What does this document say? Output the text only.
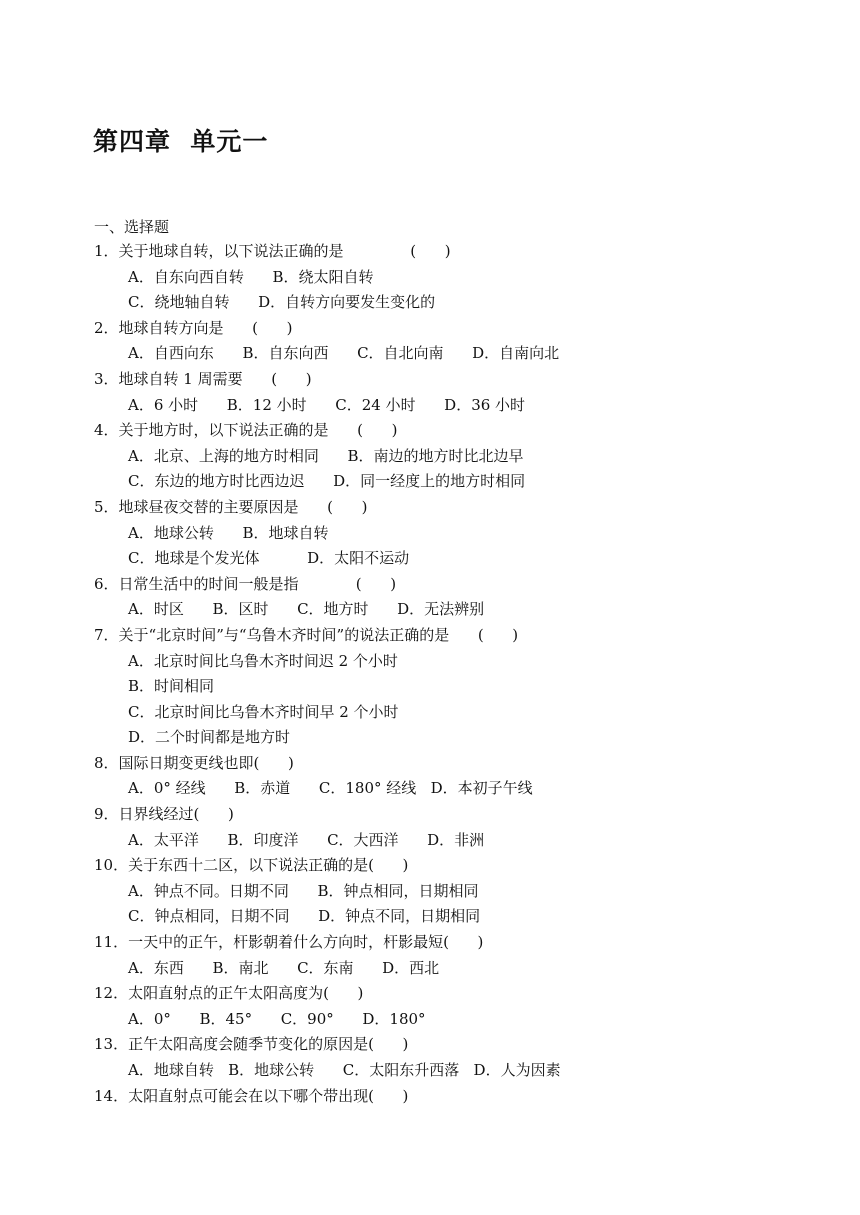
第四章  单元一
一、选择题
1．关于地球自转，以下说法正确的是              (      )
A．自东向西自转      B．绕太阳自转
C．绕地轴自转      D．自转方向要发生变化的
2．地球自转方向是      (      )
A．自西向东      B．自东向西      C．自北向南      D．自南向北
3．地球自转 1 周需要      (      )
A．6 小时      B．12 小时      C．24 小时      D．36 小时
4．关于地方时，以下说法正确的是      (      )
A．北京、上海的地方时相同      B．南边的地方时比北边早
C．东边的地方时比西边迟      D．同一经度上的地方时相同
5．地球昼夜交替的主要原因是      (      )
A．地球公转      B．地球自转
C．地球是个发光体          D．太阳不运动
6．日常生活中的时间一般是指            (      )
A．时区      B．区时      C．地方时      D．无法辨别
7．关于“北京时间”与“乌鲁木齐时间”的说法正确的是      (      )
A．北京时间比乌鲁木齐时间迟 2 个小时
B．时间相同
C．北京时间比乌鲁木齐时间早 2 个小时
D．二个时间都是地方时
8．国际日期变更线也即(      )
A．0° 经线      B．赤道      C．180° 经线   D．本初子午线
9．日界线经过(      )
A．太平洋      B．印度洋      C．大西洋      D．非洲
10．关于东西十二区，以下说法正确的是(      )
A．钟点不同。日期不同      B．钟点相同，日期相同
C．钟点相同，日期不同      D．钟点不同，日期相同
11．一天中的正午，杆影朝着什么方向时，杆影最短(      )
A．东西      B．南北      C．东南      D．西北
12．太阳直射点的正午太阳高度为(      )
A．0°      B．45°      C．90°      D．180°
13．正午太阳高度会随季节变化的原因是(      )
A．地球自转   B．地球公转      C．太阳东升西落   D．人为因素
14．太阳直射点可能会在以下哪个带出现(      )
